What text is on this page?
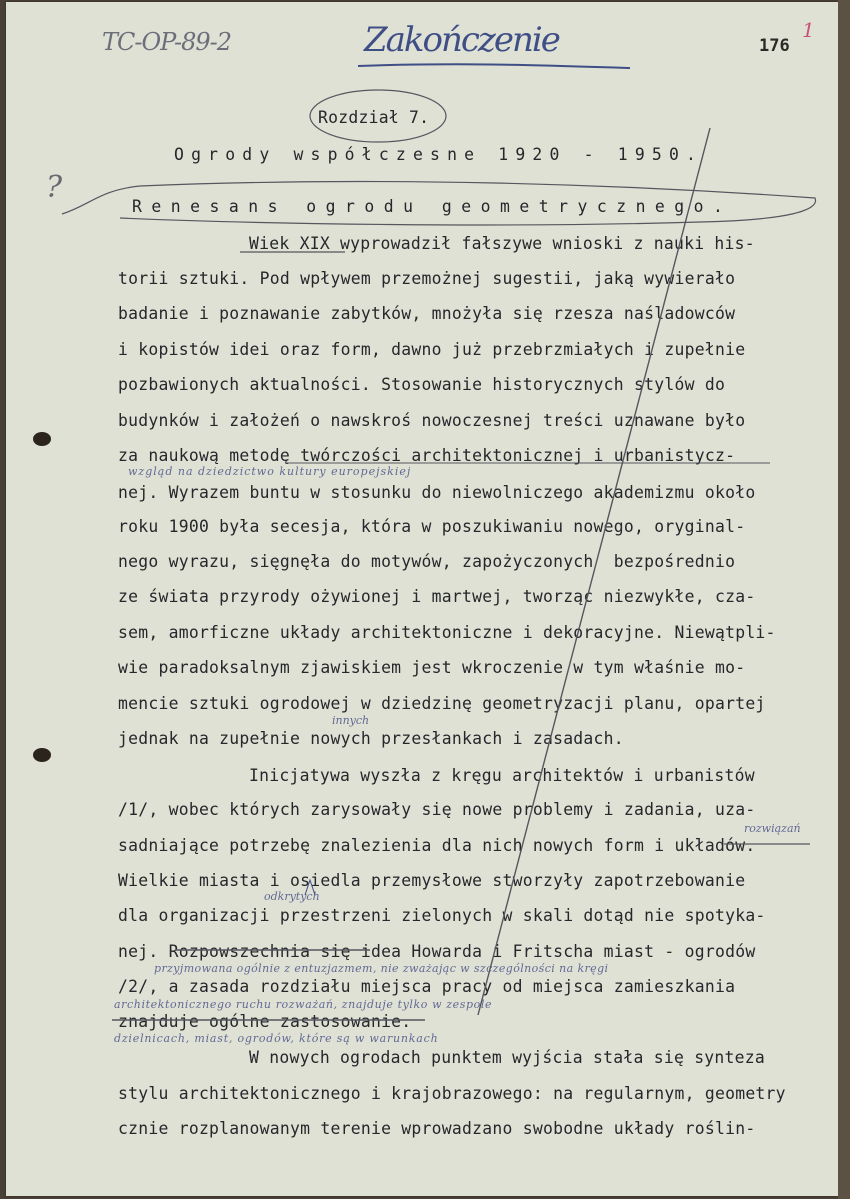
TC-OP-89-2	Zakończenie	176
1
Rozdział 7.
Ogrody współczesne 1920 - 1950.
Renesans ogrodu geometrycznego.
Wiek XIX wyprowadził fałszywe wnioski z nauki his-
torii sztuki. Pod wpływem przemożnej sugestii, jaką wywierało
badanie i poznawanie zabytków, mnożyła się rzesza naśladowców
i kopistów idei oraz form, dawno już przebrzmiałych i zupełnie
pozbawionych aktualności. Stosowanie historycznych stylów do
budynków i założeń o nawskroś nowoczesnej treści uznawane było
za naukową metodę twórczości architektonicznej i urbanistycz-
nej. Wyrazem buntu w stosunku do niewolniczego akademizmu około
roku 1900 była secesja, która w poszukiwaniu nowego, oryginal-
nego wyrazu, sięgnęła do motywów, zapożyczonych  bezpośrednio
ze świata przyrody ożywionej i martwej, tworząc niezwykłe, cza-
sem, amorficzne układy architektoniczne i dekoracyjne. Niewątpli-
wie paradoksalnym zjawiskiem jest wkroczenie w tym właśnie mo-
mencie sztuki ogrodowej w dziedzinę geometryzacji planu, opartej
jednak na zupełnie nowych przesłankach i zasadach.
Inicjatywa wyszła z kręgu architektów i urbanistów
/1/, wobec których zarysowały się nowe problemy i zadania, uza-
sadniające potrzebę znalezienia dla nich nowych form i układów.
Wielkie miasta i osiedla przemysłowe stworzyły zapotrzebowanie
dla organizacji przestrzeni zielonych w skali dotąd nie spotyka-
nej. Rozpowszechnia się idea Howarda i Fritscha miast - ogrodów
/2/, a zasada rozdziału miejsca pracy od miejsca zamieszkania
znajduje ogólne zastosowanie.
W nowych ogrodach punktem wyjścia stała się synteza
stylu architektonicznego i krajobrazowego: na regularnym, geometry
cznie rozplanowanym terenie wprowadzano swobodne układy roślin-
?
wzgląd na dziedzictwo kultury europejskiej
innych
rozwiązań
odkrytych
przyjmowana ogólnie z entuzjazmem, nie zważając w szczególności na kręgi
architektonicznego ruchu rozważań, znajduje tylko w zespole
dzielnicach, miast, ogrodów, które są w warunkach
